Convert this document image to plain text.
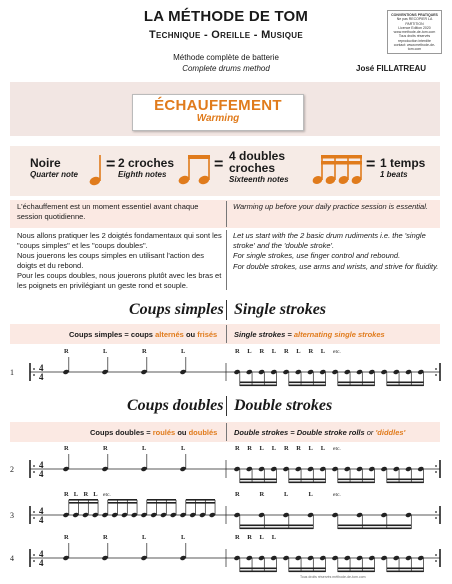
LA MÉTHODE DE TOM
Technique - Oreille - Musique
Méthode complète de batterie
Complete drums method
CONVENTIONS PRATIQUES
Ne pas RECOPIER LA PARTITION
Licence Edition 2020
www.methode-de-tom.com
Tous droits réservés
reproduction interdite
contact: www.methode-de-tom.com
José FILLATREAU
ÉCHAUFFEMENT
Warming
Noire
Quarter note
= 2 croches
Eighth notes
= 4 doubles
croches
Sixteenth notes
= 1 temps
1 beats
L'échauffement est un moment essentiel avant chaque session quotidienne.
Warming up before your daily practice session is essential.
Nous allons pratiquer les 2 doigtés fondamentaux qui sont les "coups simples" et les "coups doubles".
Nous jouerons les coups simples en utilisant l'action des doigts et du rebond.
Pour les coups doubles, nous jouerons plutôt avec les bras et les poignets en privilégiant un geste rond et souple.
Let us start with the 2 basic drum rudiments i.e. the 'single stroke' and the 'double stroke'.
For single strokes, use finger control and rebound.
For double strokes, use arms and wrists, and strive for fluidity.
Coups simples Single strokes
Coups simples = coups alternés ou frisés Single strokes = alternating single strokes
Coups doubles Double strokes
Coups doubles = roulés ou doublés Double strokes = Double stroke rolls or 'diddles'
1	4
4
R	L	R	L	R L R L R L R L etc.
2	4
4
R	R	L	L	R R L L R R L L etc.
3	4
4
R L R L etc.	R	R	L	L	etc.
4	4
4
R	R	L	L	R R L L
Tous droits réservés méthode-de-tom.com
